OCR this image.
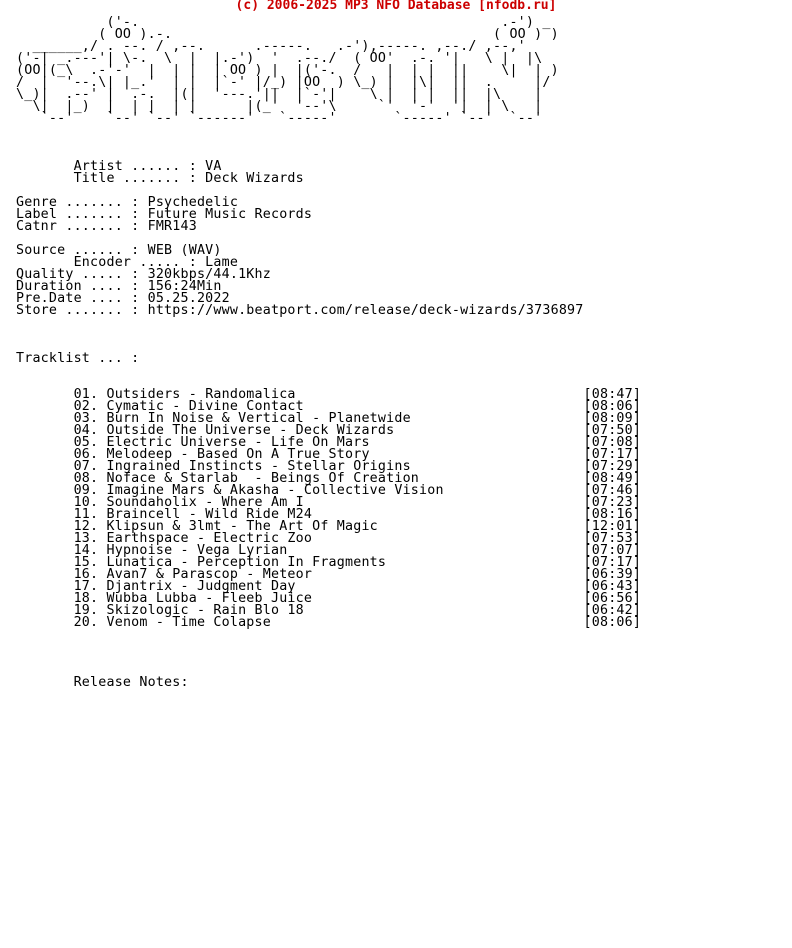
(c) 2006-2025 MP3 NFO Database [nfodb.ru]
('-.                                            .-') _
( OO ).-.                                       ( OO ) )
______,/ . --. / ,--.      .-----.   .-'),-----. ,--./ ,--,'
('-| _.---'| \-.  \  |  |.-')  '  .--./  ( OO'  .-. '|   \ |  |\
(OO|(_\  .-'-'  |  | |  | OO ) |  |('-.  /   |  | |  ||    \|  | )
/  |  '--.\| |_.'  | |  |`-' |/_) |OO  ) \_) |  |\|  ||  .     |/
\_)|  .--' |  .-.  |(|  '---.'||  |`-'|    \ |  | |  ||  |\    |
\|  |_)  |  | |  | |      |(_'  '--'\     `'  '-'  '|  | \   |
`--'    `--' `--' `------'   `-----'       `-----' `--'  `--'

Artist ...... : VA
Title ....... : Deck Wizards

Genre ....... : Psychedelic
Label ....... : Future Music Records
Catnr ....... : FMR143

Source ...... : WEB (WAV)
Encoder ..... : Lame
Quality ..... : 320kbps/44.1Khz
Duration .... : 156:24Min
Pre.Date .... : 05.25.2022
Store ....... : https://www.beatport.com/release/deck-wizards/3736897

Tracklist ... :

01. Outsiders - Randomalica	[08:47]
02. Cymatic - Divine Contact	[08:06]
03. Burn In Noise & Vertical - Planetwide	[08:09]
04. Outside The Universe - Deck Wizards	[07:50]
05. Electric Universe - Life On Mars	[07:08]
06. Melodeep - Based On A True Story	[07:17]
07. Ingrained Instincts - Stellar Origins	[07:29]
08. Noface & Starlab  - Beings Of Creation	[08:49]
09. Imagine Mars & Akasha - Collective Vision	[07:46]
10. Soundaholix - Where Am I	[07:23]
11. Braincell - Wild Ride M24	[08:16]
12. Klipsun & 3lmt - The Art Of Magic	[12:01]
13. Earthspace - Electric Zoo	[07:53]
14. Hypnoise - Vega Lyrian	[07:07]
15. Lunatica - Perception In Fragments	[07:17]
16. Avan7 & Parascop - Meteor	[06:39]
17. Djantrix - Judgment Day	[06:43]
18. Wubba Lubba - Fleeb Juice	[06:56]
19. Skizologic - Rain Blo 18	[06:42]
20. Venom - Time Colapse	[08:06]

Release Notes:
